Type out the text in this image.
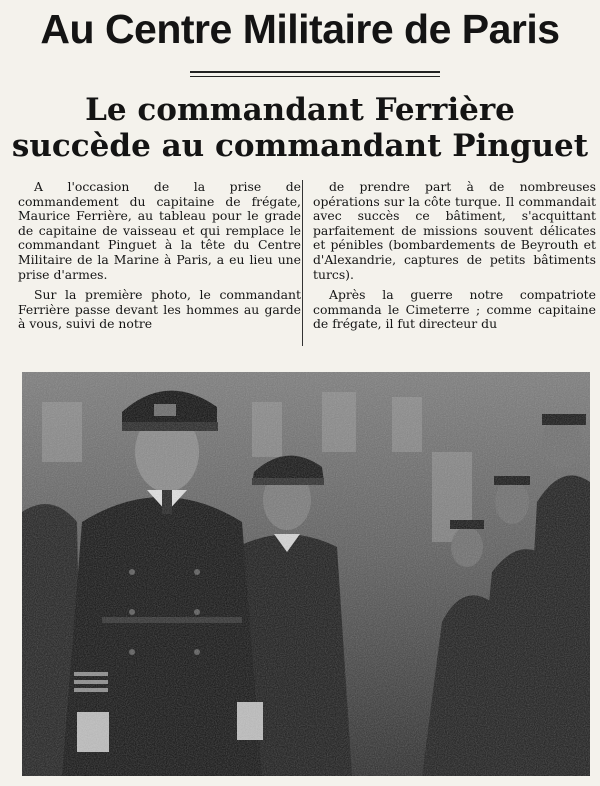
Au Centre Militaire de Paris
Le commandant Ferrière
succède au commandant Pinguet

A l'occasion de la prise de commandement du capitaine de frégate, Maurice Ferrière, au tableau pour le grade de capitaine de vaisseau et qui remplace le commandant Pinguet à la tête du Centre Militaire de la Marine à Paris, a eu lieu une prise d'armes.

Sur la première photo, le commandant Ferrière passe devant les hommes au garde à vous, suivi de notre

de prendre part à de nombreuses opérations sur la côte turque. Il commandait avec succès ce bâtiment, s'acquittant parfaitement de missions souvent délicates et pénibles (bombardements de Beyrouth et d'Alexandrie, captures de petits bâtiments turcs).

Après la guerre notre compatriote commanda le Cimeterre ; comme capitaine de frégate, il fut directeur du
